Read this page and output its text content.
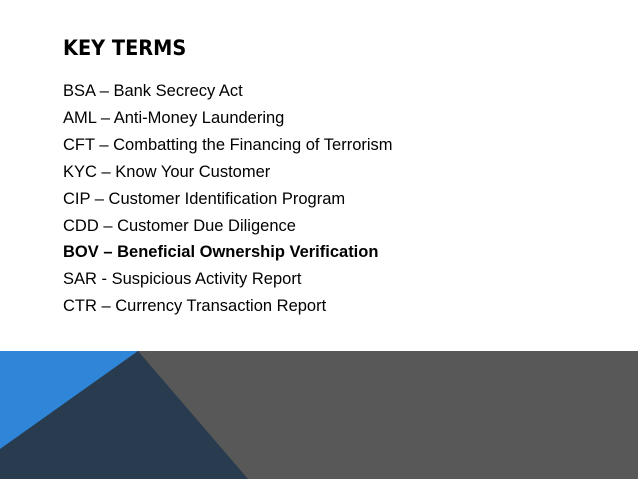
KEY TERMS
BSA – Bank Secrecy Act
AML – Anti-Money Laundering
CFT – Combatting the Financing of Terrorism
KYC – Know Your Customer
CIP – Customer Identification Program
CDD – Customer Due Diligence
BOV – Beneficial Ownership Verification
SAR - Suspicious Activity Report
CTR – Currency Transaction Report
